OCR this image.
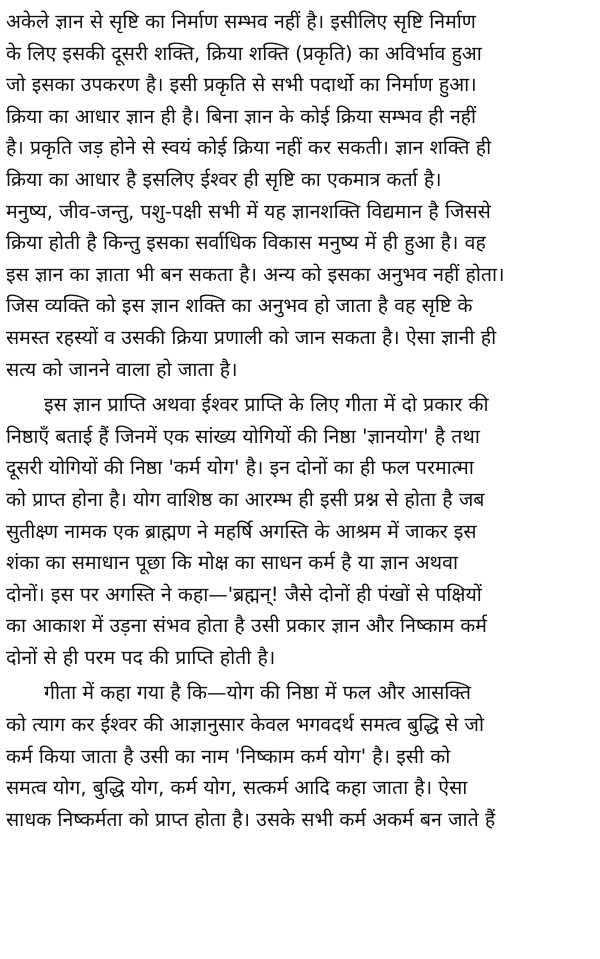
अकेले ज्ञान से सृष्टि का निर्माण सम्भव नहीं है। इसीलिए सृष्टि निर्माण
के लिए इसकी दूसरी शक्ति, क्रिया शक्ति (प्रकृति) का अविर्भाव हुआ
जो इसका उपकरण है। इसी प्रकृति से सभी पदार्थो का निर्माण हुआ।
क्रिया का आधार ज्ञान ही है। बिना ज्ञान के कोई क्रिया सम्भव ही नहीं
है। प्रकृति जड़ होने से स्वयं कोई क्रिया नहीं कर सकती। ज्ञान शक्ति ही
क्रिया का आधार है इसलिए ईश्वर ही सृष्टि का एकमात्र कर्ता है।
मनुष्य, जीव-जन्तु, पशु-पक्षी सभी में यह ज्ञानशक्ति विद्यमान है जिससे
क्रिया होती है किन्तु इसका सर्वाधिक विकास मनुष्य में ही हुआ है। वह
इस ज्ञान का ज्ञाता भी बन सकता है। अन्य को इसका अनुभव नहीं होता।
जिस व्यक्ति को इस ज्ञान शक्ति का अनुभव हो जाता है वह सृष्टि के
समस्त रहस्यों व उसकी क्रिया प्रणाली को जान सकता है। ऐसा ज्ञानी ही
सत्य को जानने वाला हो जाता है।
इस ज्ञान प्राप्ति अथवा ईश्वर प्राप्ति के लिए गीता में दो प्रकार की
निष्ठाएँ बताई हैं जिनमें एक सांख्य योगियों की निष्ठा 'ज्ञानयोग' है तथा
दूसरी योगियों की निष्ठा 'कर्म योग' है। इन दोनों का ही फल परमात्मा
को प्राप्त होना है। योग वाशिष्ठ का आरम्भ ही इसी प्रश्न से होता है जब
सुतीक्ष्ण नामक एक ब्राह्मण ने महर्षि अगस्ति के आश्रम में जाकर इस
शंका का समाधान पूछा कि मोक्ष का साधन कर्म है या ज्ञान अथवा
दोनों। इस पर अगस्ति ने कहा—'ब्रह्मन्! जैसे दोनों ही पंखों से पक्षियों
का आकाश में उड़ना संभव होता है उसी प्रकार ज्ञान और निष्काम कर्म
दोनों से ही परम पद की प्राप्ति होती है।
गीता में कहा गया है कि—योग की निष्ठा में फल और आसक्ति
को त्याग कर ईश्वर की आज्ञानुसार केवल भगवदर्थ समत्व बुद्धि से जो
कर्म किया जाता है उसी का नाम 'निष्काम कर्म योग' है। इसी को
समत्व योग, बुद्धि योग, कर्म योग, सत्कर्म आदि कहा जाता है। ऐसा
साधक निष्कर्मता को प्राप्त होता है। उसके सभी कर्म अकर्म बन जाते हैं
